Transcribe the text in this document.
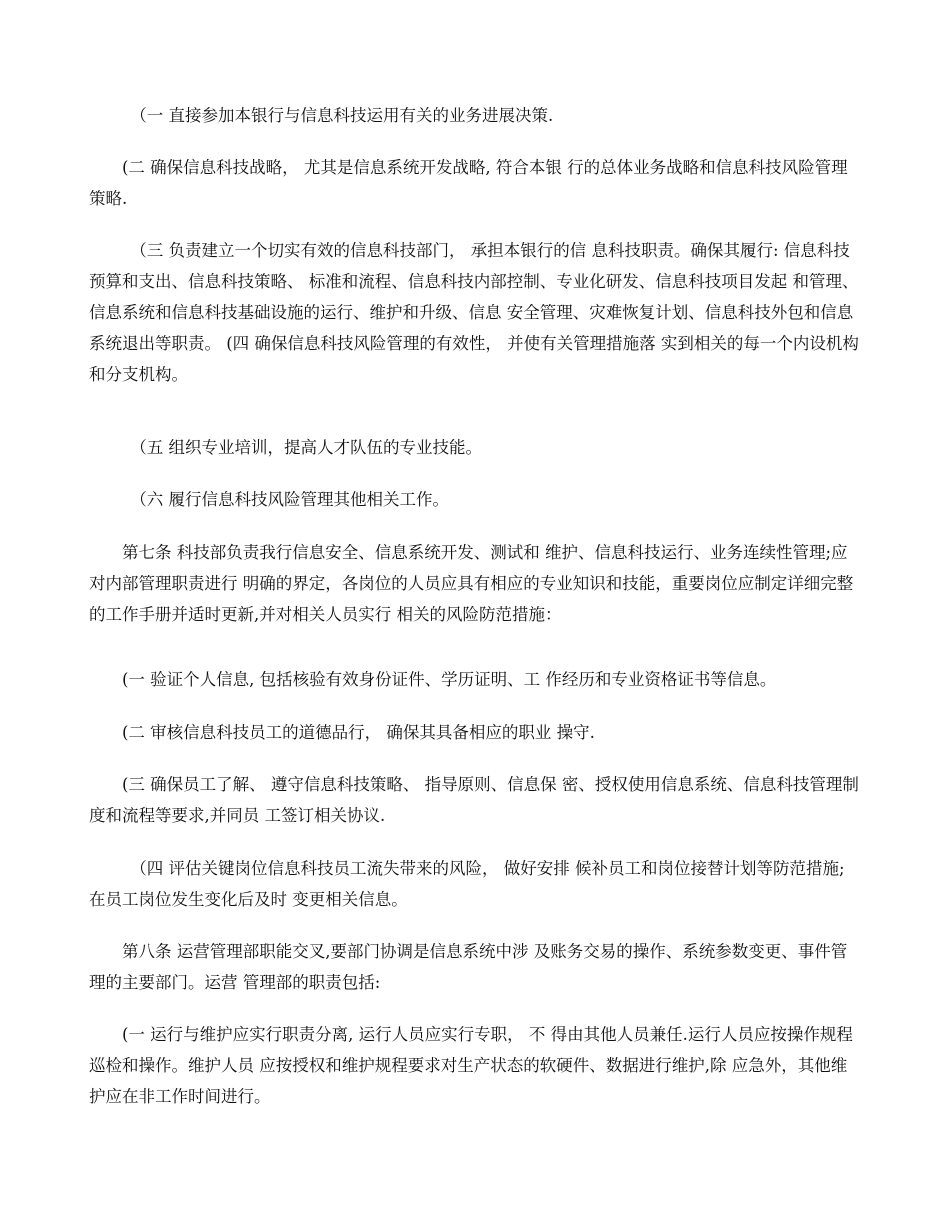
（一 直接参加本银行与信息科技运用有关的业务进展决策.

(二 确保信息科技战略， 尤其是信息系统开发战略, 符合本银 行的总体业务战略和信息科技风险管理策略.

（三 负责建立一个切实有效的信息科技部门， 承担本银行的信 息科技职责。确保其履行: 信息科技预算和支出、信息科技策略、 标准和流程、信息科技内部控制、专业化研发、信息科技项目发起 和管理、信息系统和信息科技基础设施的运行、维护和升级、信息 安全管理、灾难恢复计划、信息科技外包和信息系统退出等职责。 (四 确保信息科技风险管理的有效性， 并使有关管理措施落 实到相关的每一个内设机构和分支机构。

（五 组织专业培训，提高人才队伍的专业技能。

（六 履行信息科技风险管理其他相关工作。

第七条 科技部负责我行信息安全、信息系统开发、测试和 维护、信息科技运行、业务连续性管理;应对内部管理职责进行 明确的界定，各岗位的人员应具有相应的专业知识和技能，重要岗位应制定详细完整的工作手册并适时更新,并对相关人员实行 相关的风险防范措施：

(一 验证个人信息, 包括核验有效身份证件、学历证明、工 作经历和专业资格证书等信息。

(二 审核信息科技员工的道德品行， 确保其具备相应的职业 操守.

(三 确保员工了解、 遵守信息科技策略、 指导原则、信息保 密、授权使用信息系统、信息科技管理制度和流程等要求,并同员 工签订相关协议.

（四 评估关键岗位信息科技员工流失带来的风险， 做好安排 候补员工和岗位接替计划等防范措施;在员工岗位发生变化后及时 变更相关信息。

第八条 运营管理部职能交叉,要部门协调是信息系统中涉 及账务交易的操作、系统参数变更、事件管理的主要部门。运营 管理部的职责包括:

(一 运行与维护应实行职责分离, 运行人员应实行专职， 不 得由其他人员兼任.运行人员应按操作规程巡检和操作。维护人员 应按授权和维护规程要求对生产状态的软硬件、数据进行维护,除 应急外，其他维护应在非工作时间进行。
